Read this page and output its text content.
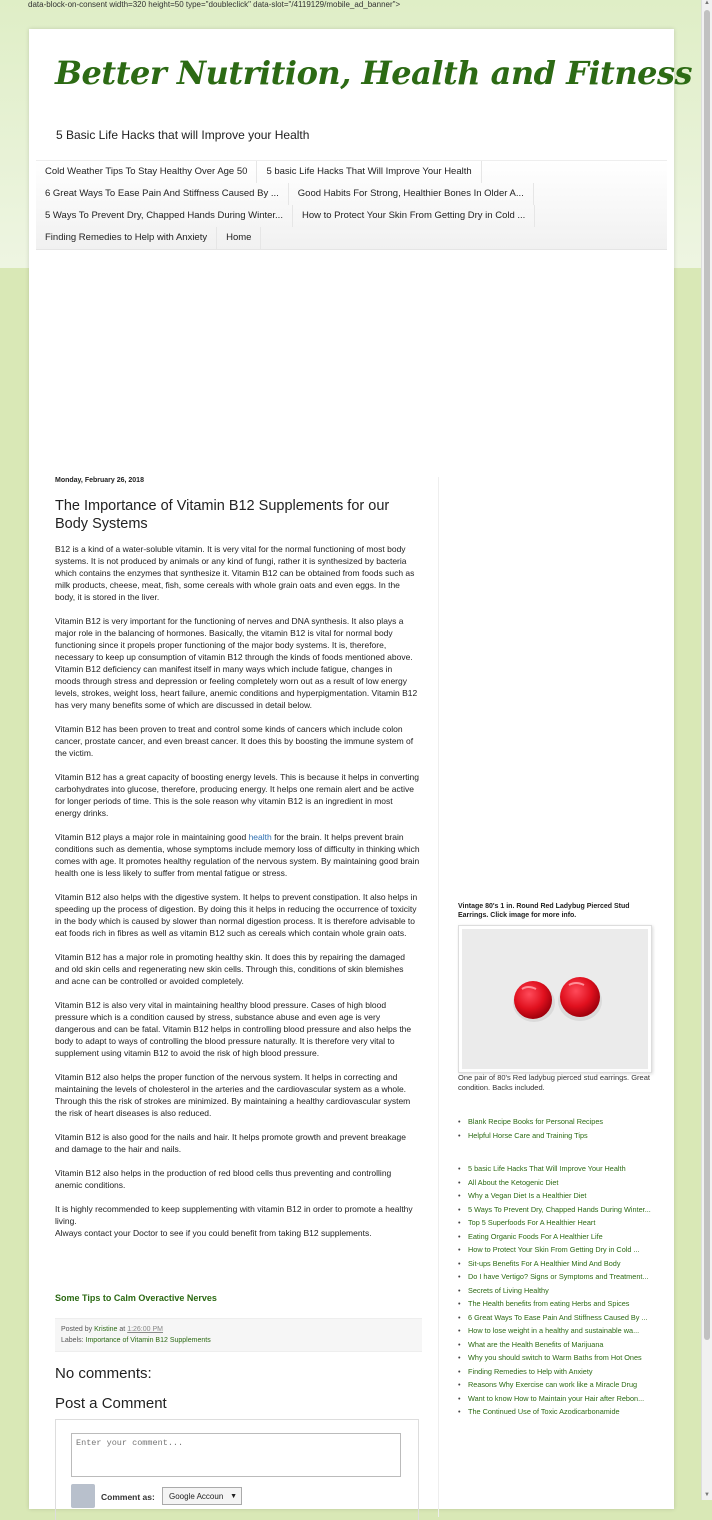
data-block-on-consent width=320 height=50 type="doubleclick" data-slot="/4119129/mobile_ad_banner">
Better Nutrition, Health and Fitness
5 Basic Life Hacks that will Improve your Health
Cold Weather Tips To Stay Healthy Over Age 50	5 basic Life Hacks That Will Improve Your Health
6 Great Ways To Ease Pain And Stiffness Caused By ...	Good Habits For Strong, Healthier Bones In Older A...
5 Ways To Prevent Dry, Chapped Hands During Winter...	How to Protect Your Skin From Getting Dry in Cold ...
Finding Remedies to Help with Anxiety	Home
Monday, February 26, 2018
The Importance of Vitamin B12 Supplements for our Body Systems

B12 is a kind of a water-soluble vitamin. It is very vital for the normal functioning of most body systems. It is not produced by animals or any kind of fungi, rather it is synthesized by bacteria which contains the enzymes that synthesize it. Vitamin B12 can be obtained from foods such as milk products, cheese, meat, fish, some cereals with whole grain oats and even eggs. In the body, it is stored in the liver.

Vitamin B12 is very important for the functioning of nerves and DNA synthesis. It also plays a major role in the balancing of hormones. Basically, the vitamin B12 is vital for normal body functioning since it propels proper functioning of the major body systems. It is, therefore, necessary to keep up consumption of vitamin B12 through the kinds of foods mentioned above. Vitamin B12 deficiency can manifest itself in many ways which include fatigue, changes in moods through stress and depression or feeling completely worn out as a result of low energy levels, strokes, weight loss, heart failure, anemic conditions and hyperpigmentation. Vitamin B12 has very many benefits some of which are discussed in detail below.

Vitamin B12 has been proven to treat and control some kinds of cancers which include colon cancer, prostate cancer, and even breast cancer. It does this by boosting the immune system of the victim.

Vitamin B12 has a great capacity of boosting energy levels. This is because it helps in converting carbohydrates into glucose, therefore, producing energy. It helps one remain alert and be active for longer periods of time. This is the sole reason why vitamin B12 is an ingredient in most energy drinks.

Vitamin B12 plays a major role in maintaining good health for the brain. It helps prevent brain conditions such as dementia, whose symptoms include memory loss of difficulty in thinking which comes with age. It promotes healthy regulation of the nervous system. By maintaining good brain health one is less likely to suffer from mental fatigue or stress.

Vitamin B12 also helps with the digestive system. It helps to prevent constipation. It also helps in speeding up the process of digestion. By doing this it helps in reducing the occurrence of toxicity in the body which is caused by slower than normal digestion process. It is therefore advisable to eat foods rich in fibres as well as vitamin B12 such as cereals which contain whole grain oats.

Vitamin B12 has a major role in promoting healthy skin. It does this by repairing the damaged and old skin cells and regenerating new skin cells. Through this, conditions of skin blemishes and acne can be controlled or avoided completely.

Vitamin B12 is also very vital in maintaining healthy blood pressure. Cases of high blood pressure which is a condition caused by stress, substance abuse and even age is very dangerous and can be fatal. Vitamin B12 helps in controlling blood pressure and also helps the body to adapt to ways of controlling the blood pressure naturally. It is therefore very vital to supplement using vitamin B12 to avoid the risk of high blood pressure.

Vitamin B12 also helps the proper function of the nervous system. It helps in correcting and maintaining the levels of cholesterol in the arteries and the cardiovascular system as a whole.
Through this the risk of strokes are minimized. By maintaining a healthy cardiovascular system the risk of heart diseases is also reduced.

Vitamin B12 is also good for the nails and hair. It helps promote growth and prevent breakage and damage to the hair and nails.

Vitamin B12 also helps in the production of red blood cells thus preventing and controlling anemic conditions.

It is highly recommended to keep supplementing with vitamin B12 in order to promote a healthy living.
Always contact your Doctor to see if you could benefit from taking B12 supplements.

Some Tips to Calm Overactive Nerves
Posted by Kristine at 1:26:00 PM
Labels: Importance of Vitamin B12 Supplements
No comments:
Post a Comment
Enter your comment...
Comment as:	Google Accoun ▼
Vintage 80's 1 in. Round Red Ladybug Pierced Stud Earrings. Click image for more info.
One pair of 80's Red ladybug pierced stud earrings. Great condition. Backs included.
• Blank Recipe Books for Personal Recipes
• Helpful Horse Care and Training Tips
• 5 basic Life Hacks That Will Improve Your Health
• All About the Ketogenic Diet
• Why a Vegan Diet Is a Healthier Diet
• 5 Ways To Prevent Dry, Chapped Hands During Winter...
• Top 5 Superfoods For A Healthier Heart
• Eating Organic Foods For A Healthier Life
• How to Protect Your Skin From Getting Dry in Cold ...
• Sit-ups Benefits For A Healthier Mind And Body
• Do I have Vertigo? Signs or Symptoms and Treatment...
• Secrets of Living Healthy
• The Health benefits from eating Herbs and Spices
• 6 Great Ways To Ease Pain And Stiffness Caused By ...
• How to lose weight in a healthy and sustainable wa...
• What are the Health Benefits of Marijuana
• Why you should switch to Warm Baths from Hot Ones
• Finding Remedies to Help with Anxiety
• Reasons Why Exercise can work like a Miracle Drug
• Want to know How to Maintain your Hair after Rebon...
• The Continued Use of Toxic Azodicarbonamide
▲
▼
